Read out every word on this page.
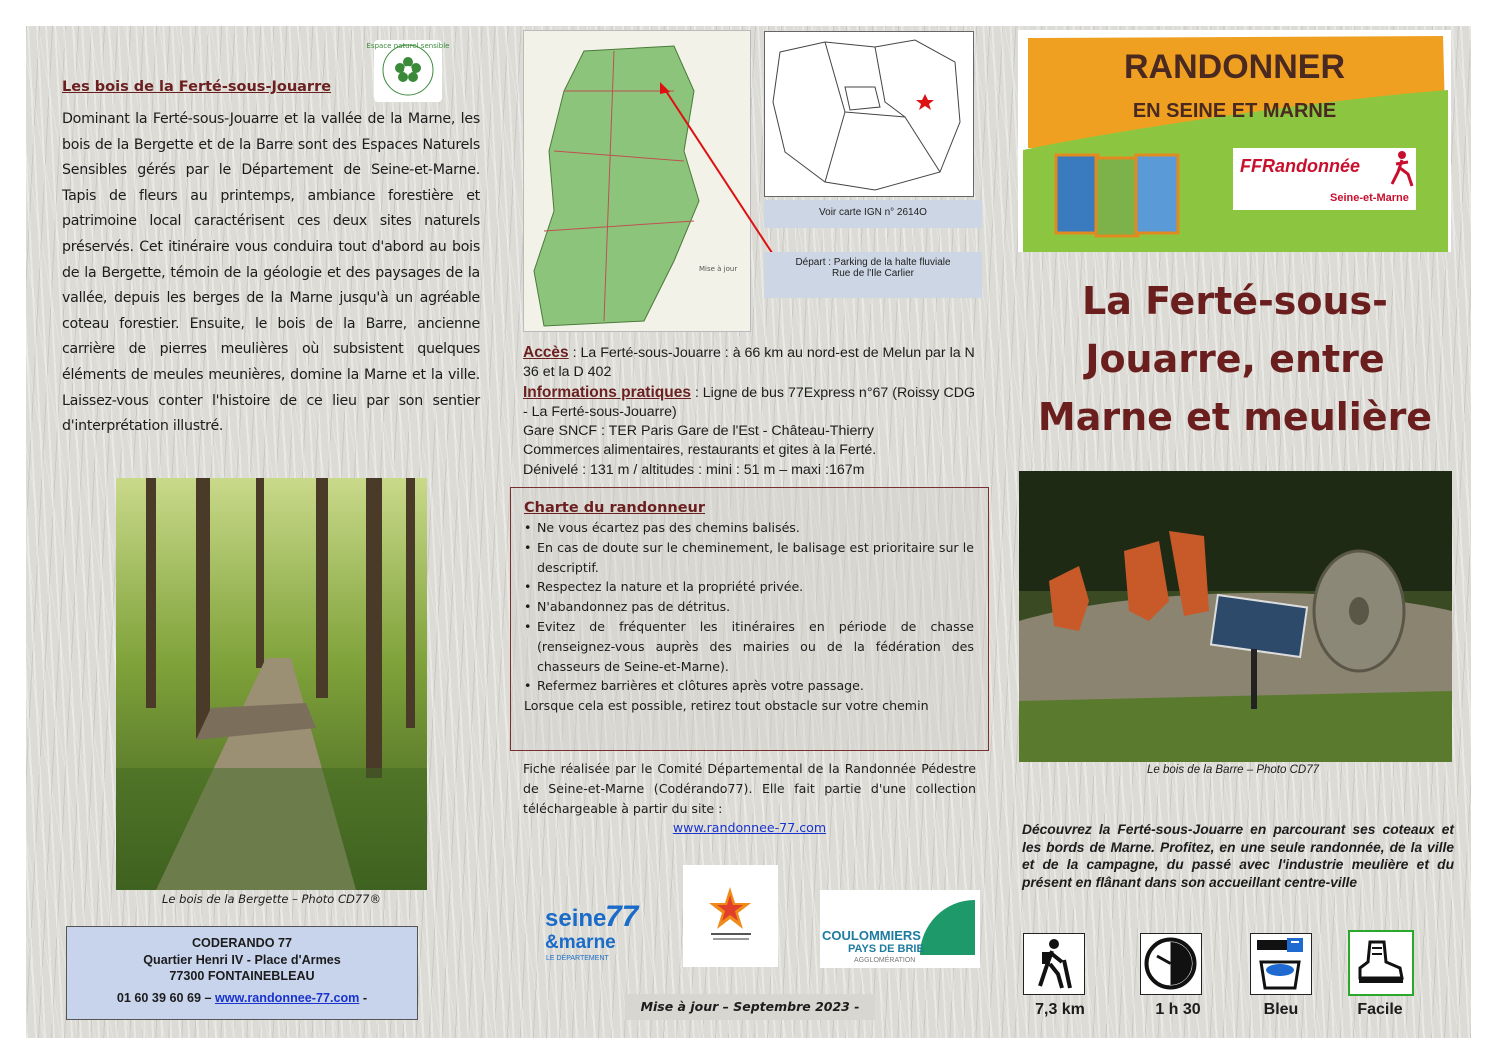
Les bois de la Ferté-sous-Jouarre
Espace naturel sensible
Dominant la Ferté-sous-Jouarre et la vallée de la Marne, les bois de la Bergette et de la Barre sont des Espaces Naturels Sensibles gérés par le Département de Seine-et-Marne. Tapis de fleurs au printemps, ambiance forestière et patrimoine local caractérisent ces deux sites naturels préservés. Cet itinéraire vous conduira tout d'abord au bois de la Bergette, témoin de la géologie et des paysages de la vallée, depuis les berges de la Marne jusqu'à un agréable coteau forestier. Ensuite, le bois de la Barre, ancienne carrière de pierres meulières où subsistent quelques éléments de meules meunières, domine la Marne et la ville. Laissez-vous conter l'histoire de ce lieu par son sentier d'interprétation illustré.
Le bois de la Bergette – Photo CD77®
CODERANDO 77
Quartier Henri IV - Place d'Armes
77300 FONTAINEBLEAU
01 60 39 60 69 – www.randonnee-77.com -
Mise à jour
Voir carte IGN n° 2614O
Départ : Parking de la halte fluviale
Rue de l'Ile Carlier
Accès : La Ferté-sous-Jouarre : à 66 km au nord-est de Melun par la N 36 et la D 402
Informations pratiques : Ligne de bus 77Express n°67 (Roissy CDG - La Ferté-sous-Jouarre)
Gare SNCF : TER Paris Gare de l'Est - Château-Thierry
Commerces alimentaires, restaurants et gites à la Ferté.
Dénivelé : 131 m / altitudes : mini : 51 m – maxi :167m
Charte du randonneur
• Ne vous écartez pas des chemins balisés.
• En cas de doute sur le cheminement, le balisage est prioritaire sur le descriptif.
• Respectez la nature et la propriété privée.
• N'abandonnez pas de détritus.
• Evitez de fréquenter les itinéraires en période de chasse (renseignez-vous auprès des mairies ou de la fédération des chasseurs de Seine-et-Marne).
• Refermez barrières et clôtures après votre passage.
Lorsque cela est possible, retirez tout obstacle sur votre chemin
Fiche réalisée par le Comité Départemental de la Randonnée Pédestre de Seine-et-Marne (Codérando77). Elle fait partie d'une collection téléchargeable à partir du site :
www.randonnee-77.com
seine
77
&marne
LE DÉPARTEMENT
COULOMMIERS
PAYS DE BRIE
AGGLOMÉRATION
Mise à jour – Septembre 2023 -
RANDONNER
EN SEINE ET MARNE
FFRandonnée
Seine-et-Marne
La Ferté-sous-Jouarre, entre Marne et meulière
Le bois de la Barre – Photo CD77
Découvrez la Ferté-sous-Jouarre en parcourant ses coteaux et les bords de Marne. Profitez, en une seule randonnée, de la ville et de la campagne, du passé avec l'industrie meulière et du présent en flânant dans son accueillant centre-ville
7,3 km	1 h 30	Bleu	Facile
